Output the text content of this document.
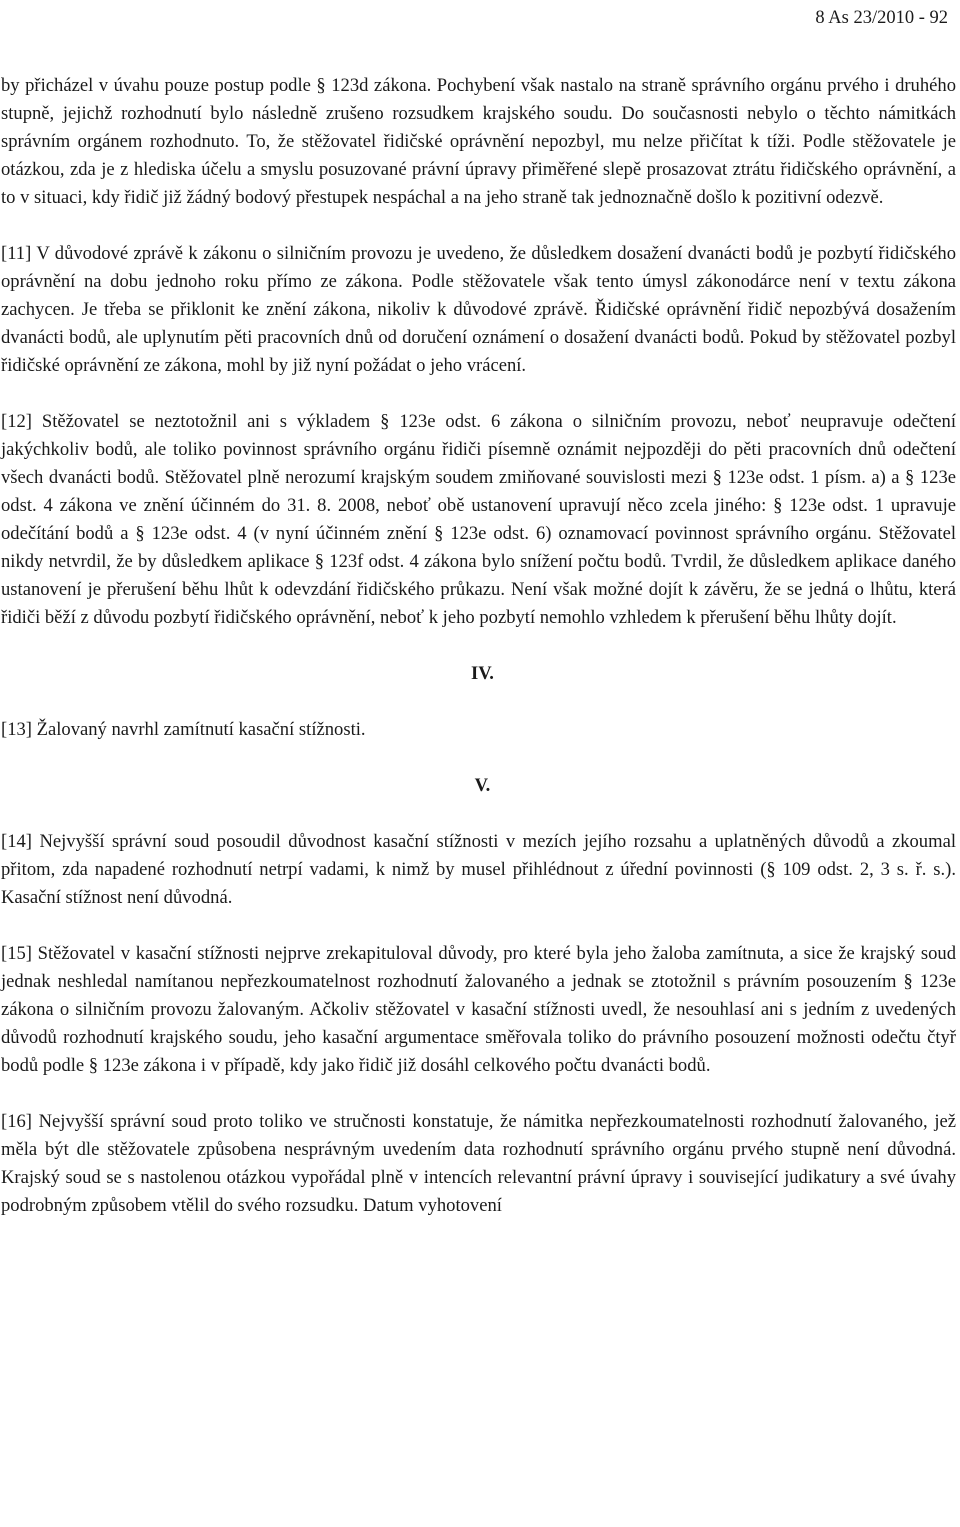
8 As 23/2010 - 92

by přicházel v úvahu pouze postup podle § 123d zákona. Pochybení však nastalo na straně správního orgánu prvého i druhého stupně, jejichž rozhodnutí bylo následně zrušeno rozsudkem krajského soudu. Do současnosti nebylo o těchto námitkách správním orgánem rozhodnuto. To, že stěžovatel řidičské oprávnění nepozbyl, mu nelze přičítat k tíži. Podle stěžovatele je otázkou, zda je z hlediska účelu a smyslu posuzované právní úpravy přiměřené slepě prosazovat ztrátu řidičského oprávnění, a to v situaci, kdy řidič již žádný bodový přestupek nespáchal a na jeho straně tak jednoznačně došlo k pozitivní odezvě.

[11] V důvodové zprávě k zákonu o silničním provozu je uvedeno, že důsledkem dosažení dvanácti bodů je pozbytí řidičského oprávnění na dobu jednoho roku přímo ze zákona. Podle stěžovatele však tento úmysl zákonodárce není v textu zákona zachycen. Je třeba se přiklonit ke znění zákona, nikoliv k důvodové zprávě. Řidičské oprávnění řidič nepozbývá dosažením dvanácti bodů, ale uplynutím pěti pracovních dnů od doručení oznámení o dosažení dvanácti bodů. Pokud by stěžovatel pozbyl řidičské oprávnění ze zákona, mohl by již nyní požádat o jeho vrácení.

[12] Stěžovatel se neztotožnil ani s výkladem § 123e odst. 6 zákona o silničním provozu, neboť neupravuje odečtení jakýchkoliv bodů, ale toliko povinnost správního orgánu řidiči písemně oznámit nejpozději do pěti pracovních dnů odečtení všech dvanácti bodů. Stěžovatel plně nerozumí krajským soudem zmiňované souvislosti mezi § 123e odst. 1 písm. a) a § 123e odst. 4 zákona ve znění účinném do 31. 8. 2008, neboť obě ustanovení upravují něco zcela jiného: § 123e odst. 1 upravuje odečítání bodů a § 123e odst. 4 (v nyní účinném znění § 123e odst. 6) oznamovací povinnost správního orgánu. Stěžovatel nikdy netvrdil, že by důsledkem aplikace § 123f odst. 4 zákona bylo snížení počtu bodů. Tvrdil, že důsledkem aplikace daného ustanovení je přerušení běhu lhůt k odevzdání řidičského průkazu. Není však možné dojít k závěru, že se jedná o lhůtu, která řidiči běží z důvodu pozbytí řidičského oprávnění, neboť k jeho pozbytí nemohlo vzhledem k přerušení běhu lhůty dojít.

IV.

[13] Žalovaný navrhl zamítnutí kasační stížnosti.

V.

[14] Nejvyšší správní soud posoudil důvodnost kasační stížnosti v mezích jejího rozsahu a uplatněných důvodů a zkoumal přitom, zda napadené rozhodnutí netrpí vadami, k nimž by musel přihlédnout z úřední povinnosti (§ 109 odst. 2, 3 s. ř. s.). Kasační stížnost není důvodná.

[15] Stěžovatel v kasační stížnosti nejprve zrekapituloval důvody, pro které byla jeho žaloba zamítnuta, a sice že krajský soud jednak neshledal namítanou nepřezkoumatelnost rozhodnutí žalovaného a jednak se ztotožnil s právním posouzením § 123e zákona o silničním provozu žalovaným. Ačkoliv stěžovatel v kasační stížnosti uvedl, že nesouhlasí ani s jedním z uvedených důvodů rozhodnutí krajského soudu, jeho kasační argumentace směřovala toliko do právního posouzení možnosti odečtu čtyř bodů podle § 123e zákona i v případě, kdy jako řidič již dosáhl celkového počtu dvanácti bodů.

[16] Nejvyšší správní soud proto toliko ve stručnosti konstatuje, že námitka nepřezkoumatelnosti rozhodnutí žalovaného, jež měla být dle stěžovatele způsobena nesprávným uvedením data rozhodnutí správního orgánu prvého stupně není důvodná. Krajský soud se s nastolenou otázkou vypořádal plně v intencích relevantní právní úpravy i související judikatury a své úvahy podrobným způsobem vtělil do svého rozsudku. Datum vyhotovení
